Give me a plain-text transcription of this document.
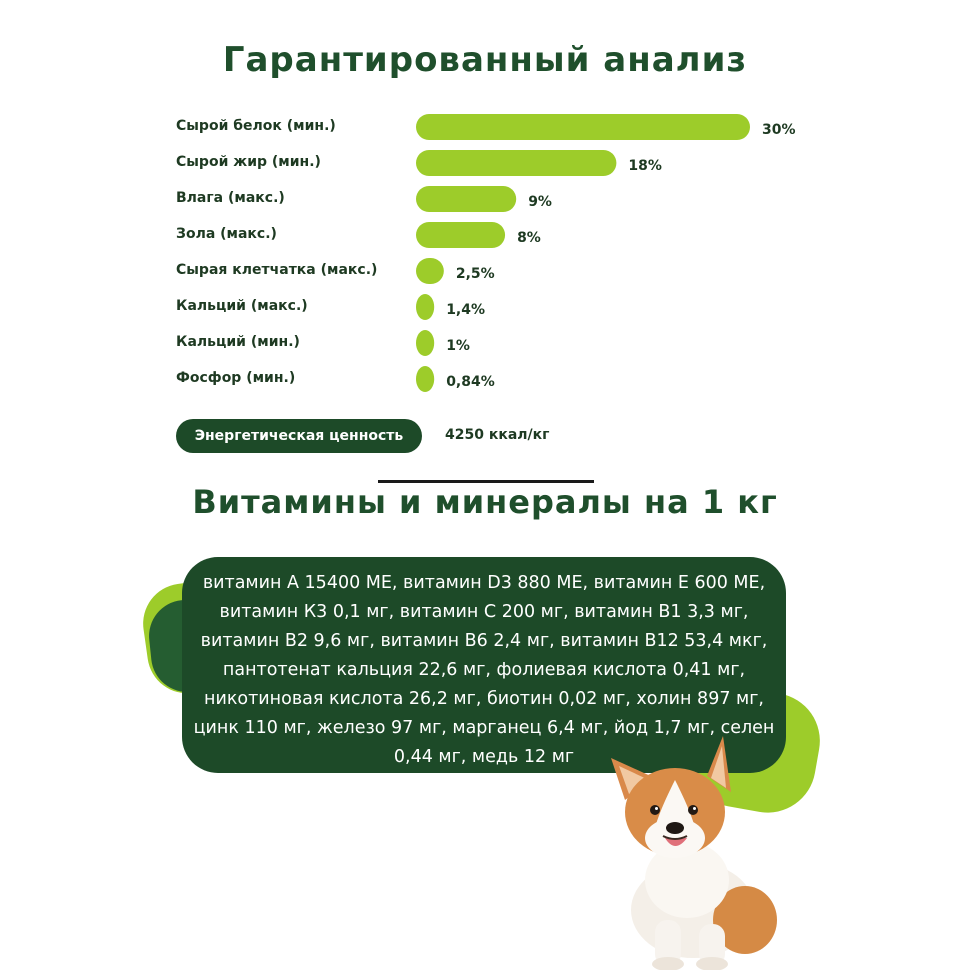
Гарантированный анализ
Сырой белок (мин.)	30%
Сырой жир (мин.)	18%
Влага (макс.)	9%
Зола (макс.)	8%
Сырая клетчатка (макс.)	2,5%
Кальций (макс.)	1,4%
Кальций (мин.)	1%
Фосфор (мин.)	0,84%
Энергетическая ценность	4250 ккал/кг
Витамины и минералы на 1 кг
витамин А 15400 МЕ, витамин D3 880 МЕ, витамин Е 600 МЕ, витамин К3 0,1 мг, витамин С 200 мг, витамин В1 3,3 мг, витамин В2 9,6 мг, витамин В6 2,4 мг, витамин В12 53,4 мкг, пантотенат кальция 22,6 мг, фолиевая кислота 0,41 мг, никотиновая кислота 26,2 мг, биотин 0,02 мг, холин 897 мг, цинк 110 мг, железо 97 мг, марганец 6,4 мг, йод 1,7 мг, селен 0,44 мг, медь 12 мг
